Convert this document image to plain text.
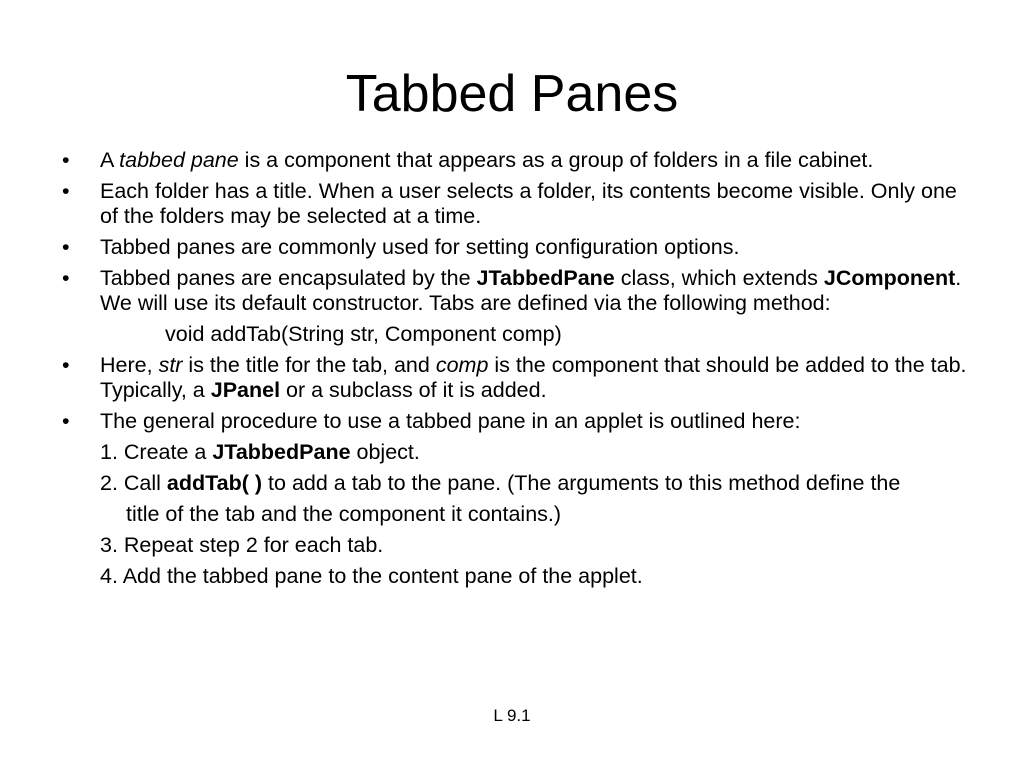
Tabbed Panes
•	A tabbed pane is a component that appears as a group of folders in a file cabinet.
•	Each folder has a title. When a user selects a folder, its contents become visible. Only one of the folders may be selected at a time.
•	Tabbed panes are commonly used for setting configuration options.
•	Tabbed panes are encapsulated by the JTabbedPane class, which extends JComponent. We will use its default constructor. Tabs are defined via the following method:
void addTab(String str, Component comp)
•	Here, str is the title for the tab, and comp is the component that should be added to the tab. Typically, a JPanel or a subclass of it is added.
•	The general procedure to use a tabbed pane in an applet is outlined here:
1. Create a JTabbedPane object.
2. Call addTab( ) to add a tab to the pane. (The arguments to this method define the
title of the tab and the component it contains.)
3. Repeat step 2 for each tab.
4. Add the tabbed pane to the content pane of the applet.
L 9.1
